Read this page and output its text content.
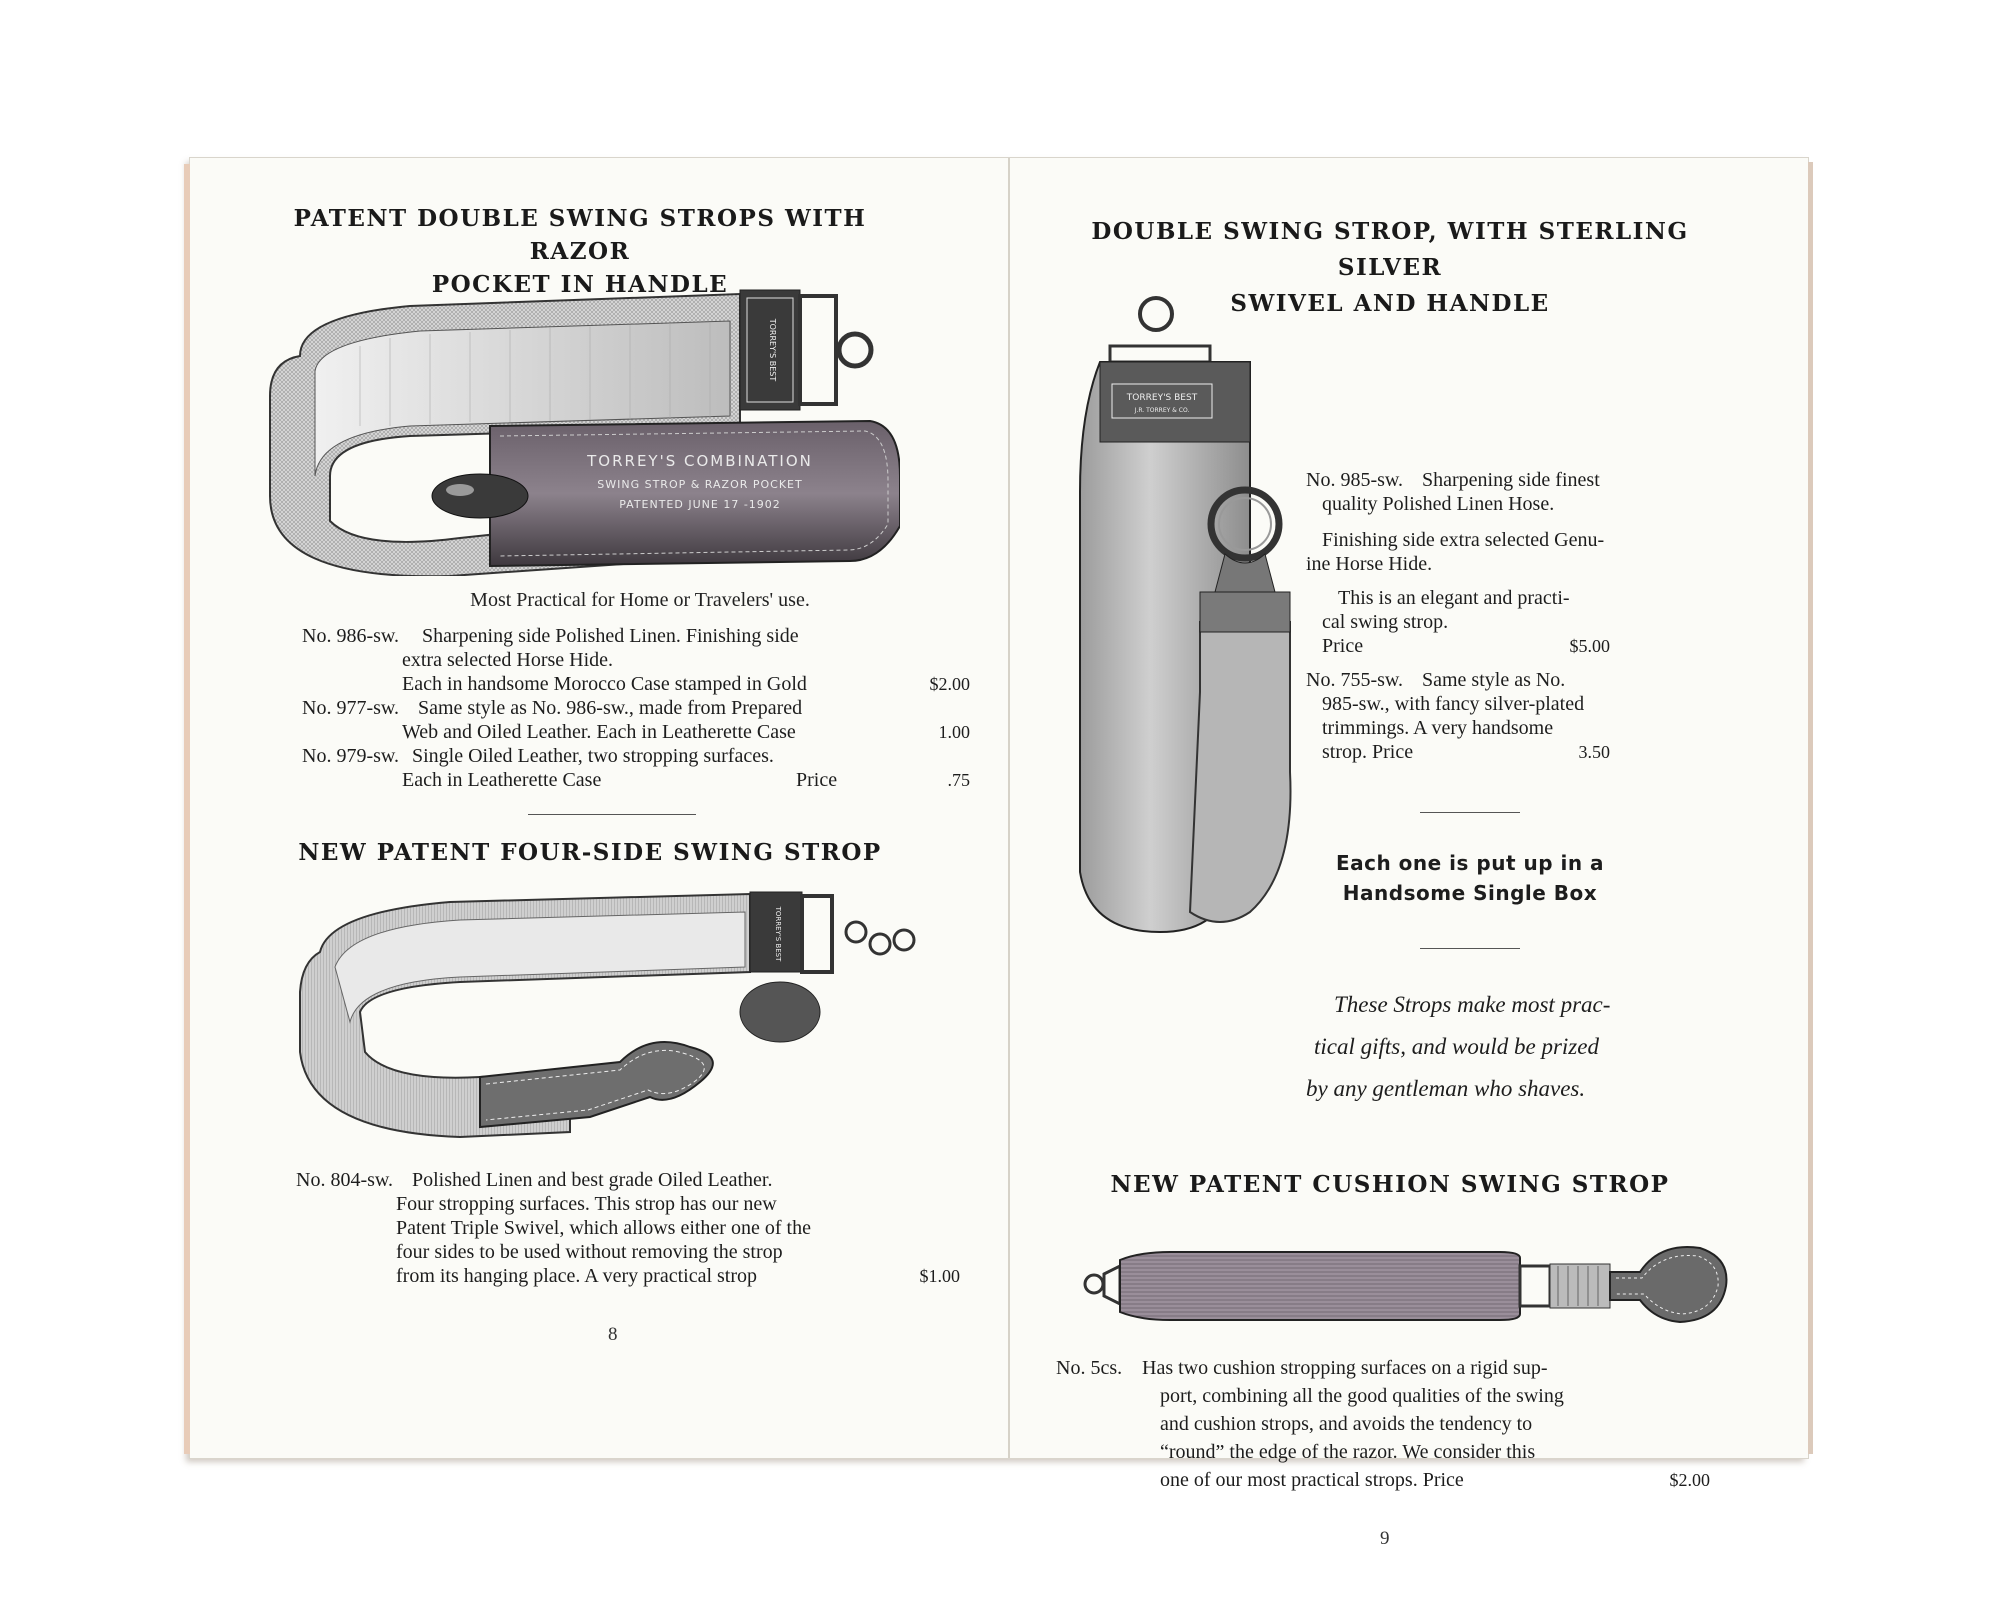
PATENT DOUBLE SWING STROPS WITH RAZOR
POCKET IN HANDLE
TORREY'S BEST
TORREY'S COMBINATION
SWING STROP & RAZOR POCKET
PATENTED JUNE 17 -1902
Most Practical for Home or Travelers' use.
No. 986-sw. Sharpening side Polished Linen. Finishing side
extra selected Horse Hide.
Each in handsome Morocco Case stamped in Gold	$2.00
No. 977-sw. Same style as No. 986-sw., made from Prepared
Web and Oiled Leather. Each in Leatherette Case	1.00
No. 979-sw. Single Oiled Leather, two stropping surfaces.
Each in Leatherette Case	Price	.75
NEW PATENT FOUR-SIDE SWING STROP
TORREY'S BEST
No. 804-sw. Polished Linen and best grade Oiled Leather.
Four stropping surfaces. This strop has our new
Patent Triple Swivel, which allows either one of the
four sides to be used without removing the strop
from its hanging place. A very practical strop	$1.00
8
DOUBLE SWING STROP, WITH STERLING SILVER
SWIVEL AND HANDLE
TORREY'S BEST
J.R. TORREY & CO.
No. 985-sw. Sharpening side finest
quality Polished Linen Hose.
Finishing side extra selected Genu-
ine Horse Hide.
This is an elegant and practi-
cal swing strop.
Price	$5.00
No. 755-sw. Same style as No.
985-sw., with fancy silver-plated
trimmings. A very handsome
strop. Price	3.50
Each one is put up in a
Handsome Single Box
These Strops make most prac-
tical gifts, and would be prized
by any gentleman who shaves.
NEW PATENT CUSHION SWING STROP
No. 5cs. Has two cushion stropping surfaces on a rigid sup-
port, combining all the good qualities of the swing
and cushion strops, and avoids the tendency to
“round” the edge of the razor. We consider this
one of our most practical strops. Price	$2.00
9
